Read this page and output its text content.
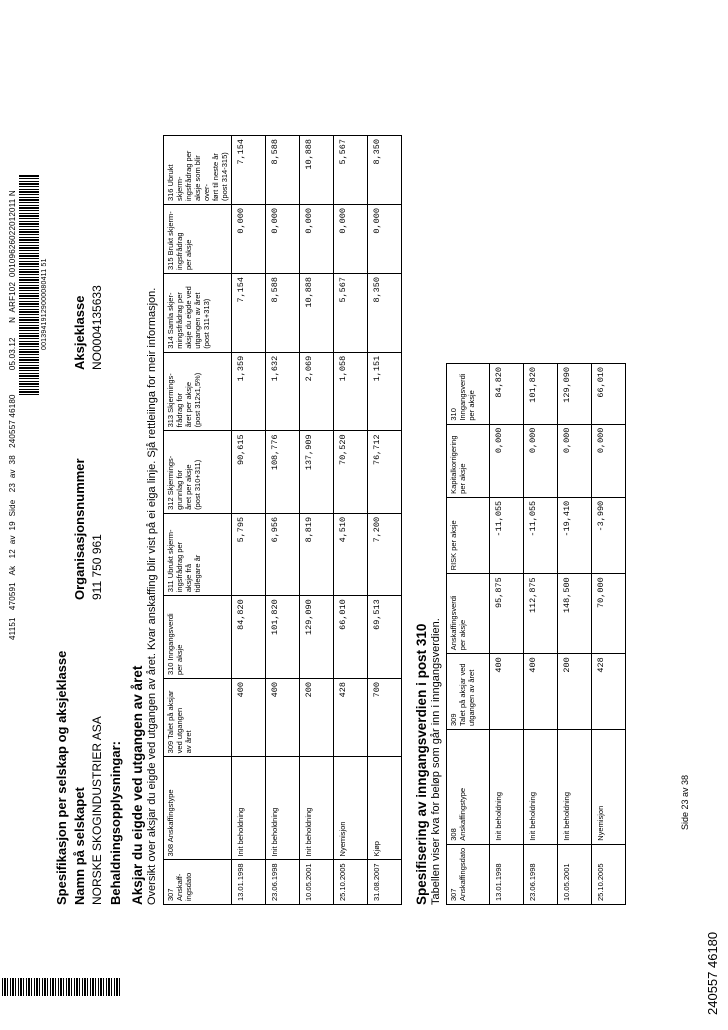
41151   470591   Ak   12  av  19  Side   23  av  38   240557 46180          05.03.12      N  ARF102  00109626022012011 N	00139419129000080411 51
Spesifikasjon per selskap og aksjeklasse Namn på selskapet NORSKE SKOGINDUSTRIER ASA
Organisasjonsnummer 911 750 961
Aksjeklasse NO0004135633
Behaldningsopplysningar: Aksjar du eigde ved utgangen av året Oversikt over aksjar du eigde ved utgangen av året. Kvar anskaffing blir vist på ei eiga linje. Sjå rettleiinga for meir informasjon. 307 Anskaff-
ingsdato	308 Anskaffingstype	309 Talet på aksjar
ved utgangen
av året	310 Inngangsverdi
per aksje	311 Ubrukt skjerm-
ingsfrådrag per
aksje frå
tidlegare år	312 Skjermings-
grunnlag for
året per aksje
(post 310+311)	313 Skjermings-
frådrag for
året per aksje
(post 312x1,5%)	314 Samla skjer-
mingsfrådrag per
aksje du eigde ved
utgangen av året
(post 311+313)	315 Brukt skjerm-
ingsfrådrag
per aksje	316 Ubrukt skjerm-
ingsfrådrag per
aksje som blir over-
ført til neste år
(post 314-315)
13.01.1998	Init beholdning	400	84,820	5,795	90,615	1,359	7,154	0,000	7,154
23.06.1998	Init beholdning	400	101,820	6,956	108,776	1,632	8,588	0,000	8,588
10.05.2001	Init beholdning	200	129,090	8,819	137,909	2,069	10,888	0,000	10,888
25.10.2005	Nyemisjon	428	66,010	4,510	70,520	1,058	5,567	0,000	5,567
31.08.2007	Kjøp	700	69,513	7,200	76,712	1,151	8,350	0,000	8,350
Spesifisering av inngangsverdien i post 310 Tabellen viser kva for beløp som går inn i inngangsverdien. 307
Anskaffingsdato	308
Anskaffingstype	309
Talet på aksjar ved
utgangen av året	Anskaffingsverdi
per aksje	RISK per aksje	Kapitalkorrigering
per aksje	310
Inngangsverdi
per aksje
13.01.1998	Init beholdning	400	95,875	-11,055	0,000	84,820
23.06.1998	Init beholdning	400	112,875	-11,055	0,000	101,820
10.05.2001	Init beholdning	200	148,500	-19,410	0,000	129,090
25.10.2005	Nyemisjon	428	70,000	-3,990	0,000	66,010
Side 23 av 38
240557 46180
